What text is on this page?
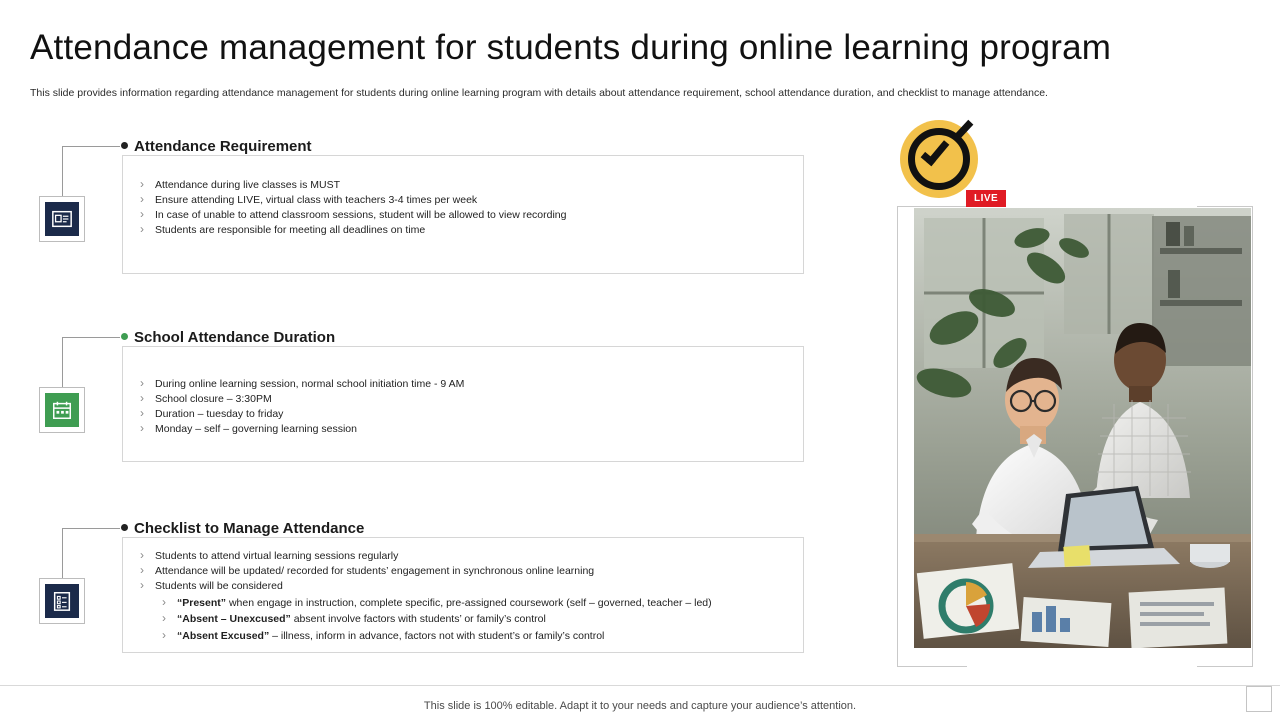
Attendance management for students during online learning program
This slide provides information regarding attendance management for students during online learning program with details about attendance requirement, school attendance duration, and checklist to manage attendance.
Attendance Requirement
› Attendance during live classes is MUST
› Ensure attending LIVE, virtual class with teachers 3-4 times per week
› In case of unable to attend classroom sessions, student will be allowed to view recording
› Students are responsible for meeting all deadlines on time
School Attendance Duration
› During online learning session, normal school initiation time - 9 AM
› School closure – 3:30PM
› Duration – tuesday to friday
› Monday – self – governing learning session
Checklist to Manage Attendance
› Students to attend virtual learning sessions regularly
› Attendance will be updated/ recorded for students’ engagement in synchronous online learning
› Students will be considered
› “Present” when engage in instruction, complete specific, pre-assigned coursework (self – governed, teacher – led)
› “Absent – Unexcused” absent involve factors with students’ or family’s control
› “Absent Excused” – illness, inform in advance, factors not with student’s or family’s control
LIVE
This slide is 100% editable. Adapt it to your needs and capture your audience’s attention.
